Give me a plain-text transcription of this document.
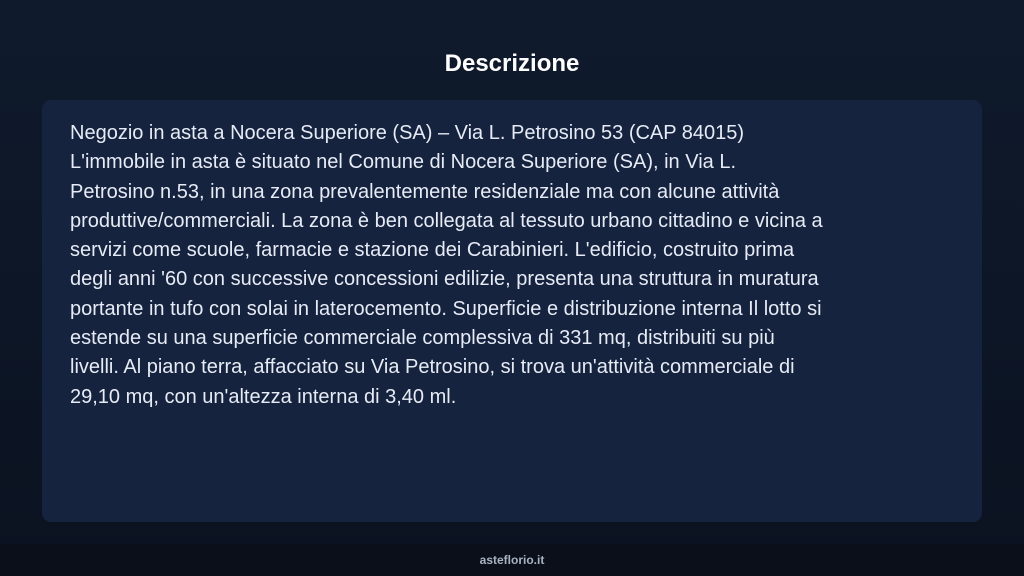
Descrizione

Negozio in asta a Nocera Superiore (SA) – Via L. Petrosino 53 (CAP 84015)
L'immobile in asta è situato nel Comune di Nocera Superiore (SA), in Via L.
Petrosino n.53, in una zona prevalentemente residenziale ma con alcune attività
produttive/commerciali. La zona è ben collegata al tessuto urbano cittadino e vicina a
servizi come scuole, farmacie e stazione dei Carabinieri. L'edificio, costruito prima
degli anni '60 con successive concessioni edilizie, presenta una struttura in muratura
portante in tufo con solai in laterocemento. Superficie e distribuzione interna Il lotto si
estende su una superficie commerciale complessiva di 331 mq, distribuiti su più
livelli. Al piano terra, affacciato su Via Petrosino, si trova un'attività commerciale di
29,10 mq, con un'altezza interna di 3,40 ml.

asteflorio.it
